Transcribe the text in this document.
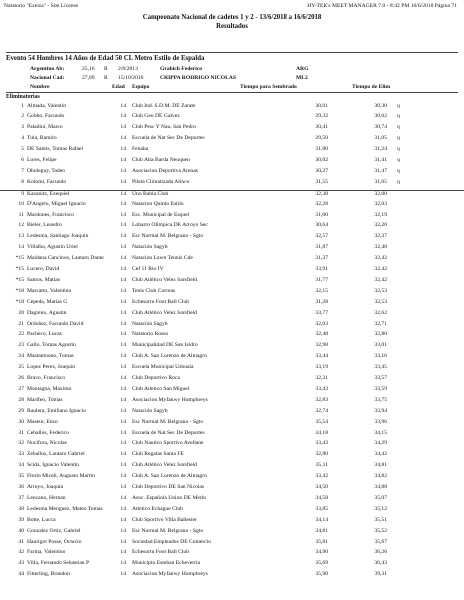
Natatorio "Ezeiza" - Site License	HY-TEK's MEET MANAGER 7.0 - 8:42 PM 16/6/2018 Página 71
Campeonato Nacional de cadetes 1 y 2 - 13/6/2018 a 16/6/2018
Resultados
Evento 54 Hombres 14 Años de Edad 50 CL Metro Estilo de Espalda
Argentino Ab:	25,16 R 2/8/2013	Grabich Federico	ARG
Nacional Cad:	27,89 R 15/10/2016	CRIPPA RODRIGO NICOLAS	ML2
Nombre	Edad Equipo	Tiempo para Sembrado	Tiempo de Elim
Eliminatorias
1 Almada, Valentin	14 Club Ind. S.D.M. DE Zarate	30,01	30,30 q
2 Gobbo, Facundo	14 Club Geo DE Galvez	29,32	30,62 q
3 Paladini, Marco	14 Club Pesc Y Nau. San Pedro	30,41	30,74 q
4 Tula, Ramiro	14 Escuela de Nat Sec De Deportes	29,50	31,05 q
5 DE Santis, Tomas Rafael	14 Fenaba	31,80	31,24 q
6 Lores, Felipe	14 Club Alta Barda Neuquen	30,02	31,41 q
7 Oholeguy, Tadeo	14 Asociacion Deportiva Arenas	30,27	31,47 q
8 Kolomi, Facundo	14 Pileta Climatizada Alinco	31,55	31,65 q
9 Kazanitz, Ezequiel	14 Uno Bahia Club	32,38	32,00
10 D'Angelo, Miguel Ignacio	14 Natacion Quinto Estilo	32,28	32,03
11 Mardones, Francisco	14 Esc. Municipal de Esquel	31,00	32,19
12 Bieler, Leandro	14 Lobarro Olimpica DE Arroyo Sec	30,64	32,20
13 Ledesma, Santiago Joaquin	14 Esc Normal M. Belgrano - Sgto	32,57	32,37
14 Villalba, Agustin Uriel	14 Natación Sagyb	31,87	32,40
*15 Maidana Cancinos, Lautaro Dante	14 Natacion Lawn Tennis Cde	31,37	32,42
*15 Lucero, David	14 Cef 11 Rio IV	33,91	32,42
*15 Santos, Matias	14 Club Atlético Velez Sarsfield	31,77	32,42
*18 Marcatto, Valentino	14 Tenis Club Correas	32,15	32,53
*18 Cepeda, Matias G	14 Echesortu Foot Ball Club	31,28	32,53
20 Dagnino, Agustin	14 Club Atlético Velez Sarsfield	33,77	32,62
21 Ordoñez, Facundo David	14 Natación Sagyb	32,03	32,71
22 Pacheco, Lucas	14 Natatorio Rosso	32,48	32,80
23 Gallo, Tomas Agustin	14 Municipalidad DE San Isidro	32,98	33,01
24 Mastantuono, Tomas	14 Club A. San Lorenzo de Almagro	33,44	33,16
25 Lopez Perez, Joaquin	14 Escuela Municipal Ushuaia	33,19	33,45
26 Bravo, Francisco	14 Club Deportivo Roca	32,31	33,57
27 Montagna, Maximo	14 Club Atletico San Miguel	33,43	33,59
28 Marifeo, Tobias	14 Asociacion Myfanwy Humphreys	32,83	33,75
29 Raulera, Emiliano Ignacio	14 Natación Sagyb	32,74	33,94
30 Maseur, Enzo	14 Esc Normal M. Belgrano - Sgto	35,54	33,96
31 Ceballos, Federico	14 Escuela de Nat Sec De Deportes	34,18	34,15
32 Nucifora, Nicolas	14 Club Nautico Sportivo Avellane	33,43	34,29
33 Zeballos, Lautaro Gabriel	14 Club Regatas Santa FE	32,80	34,42
34 Scida, Ignacio Valentin	14 Club Atlético Velez Sarsfield	35,11	34,81
35 Florio Miceli, Augusto Martin	14 Club A. San Lorenzo de Almagro	33,42	34,82
36 Arroyo, Joaquin	14 Club Deportivo DE San Nicolas	34,50	34,88
37 Lencano, Hernan	14 Asoc. Española Union DE Merlo	34,58	35,07
38 Ledesma Menguez, Mateo Tomas	14 Atletico Echague Club	33,85	35,12
39 Botte, Lucca	14 Club Sportivo Villa Ballester	34,14	35,51
40 Gonzalez Ortiz, Gabriel	14 Esc Normal M. Belgrano - Sgto	34,81	35,52
41 Haurigot Posse, Octavio	14 Sociedad Empleados DE Comercio	35,81	35,67
42 Farina, Valentino	14 Echesortu Foot Ball Club	34,90	36,26
43 Villa, Fernando Sebastian P	14 Municipio Esteban Echeverria	35,69	36,43
44 Fitterling, Brandon	14 Asociacion Myfanwy Humphreys	35,90	39,31
